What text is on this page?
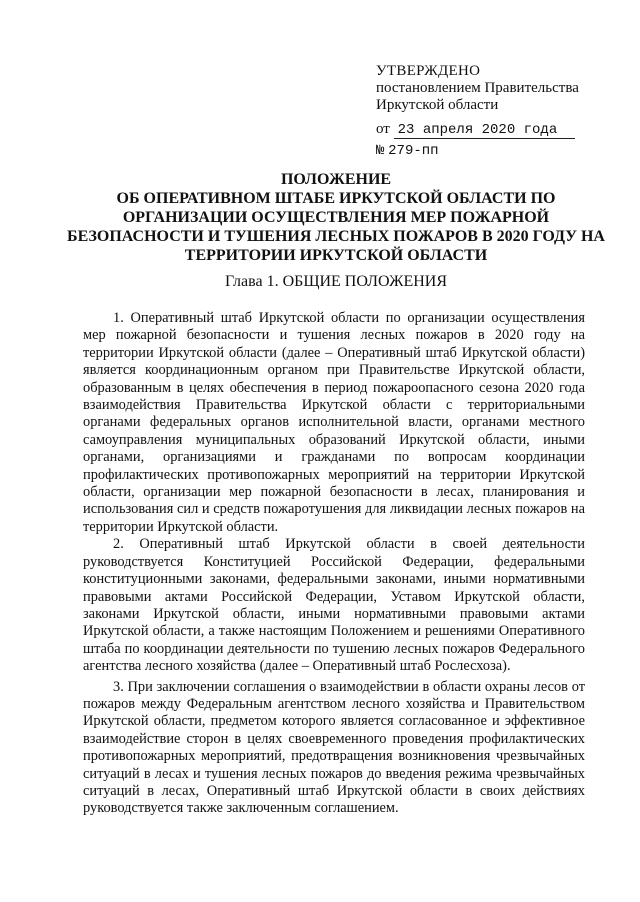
УТВЕРЖДЕНО
постановлением Правительства
Иркутской области
от 23 апреля 2020 года
№ 279-пп
ПОЛОЖЕНИЕ
ОБ ОПЕРАТИВНОМ ШТАБЕ ИРКУТСКОЙ ОБЛАСТИ ПО
ОРГАНИЗАЦИИ ОСУЩЕСТВЛЕНИЯ МЕР ПОЖАРНОЙ
БЕЗОПАСНОСТИ И ТУШЕНИЯ ЛЕСНЫХ ПОЖАРОВ В 2020 ГОДУ НА
ТЕРРИТОРИИ ИРКУТСКОЙ ОБЛАСТИ
Глава 1. ОБЩИЕ ПОЛОЖЕНИЯ

1. Оперативный штаб Иркутской области по организации осуществления мер пожарной безопасности и тушения лесных пожаров в 2020 году на территории Иркутской области (далее – Оперативный штаб Иркутской области) является координационным органом при Правительстве Иркутской области, образованным в целях обеспечения в период пожароопасного сезона 2020 года взаимодействия Правительства Иркутской области с территориальными органами федеральных органов исполнительной власти, органами местного самоуправления муниципальных образований Иркутской области, иными органами, организациями и гражданами по вопросам координации профилактических противопожарных мероприятий на территории Иркутской области, организации мер пожарной безопасности в лесах, планирования и использования сил и средств пожаротушения для ликвидации лесных пожаров на территории Иркутской области.

2. Оперативный штаб Иркутской области в своей деятельности руководствуется Конституцией Российской Федерации, федеральными конституционными законами, федеральными законами, иными нормативными правовыми актами Российской Федерации, Уставом Иркутской области, законами Иркутской области, иными нормативными правовыми актами Иркутской области, а также настоящим Положением и решениями Оперативного штаба по координации деятельности по тушению лесных пожаров Федерального агентства лесного хозяйства (далее – Оперативный штаб Рослесхоза).

3. При заключении соглашения о взаимодействии в области охраны лесов от пожаров между Федеральным агентством лесного хозяйства и Правительством Иркутской области, предметом которого является согласованное и эффективное взаимодействие сторон в целях своевременного проведения профилактических противопожарных мероприятий, предотвращения возникновения чрезвычайных ситуаций в лесах и тушения лесных пожаров до введения режима чрезвычайных ситуаций в лесах, Оперативный штаб Иркутской области в своих действиях руководствуется также заключенным соглашением.
